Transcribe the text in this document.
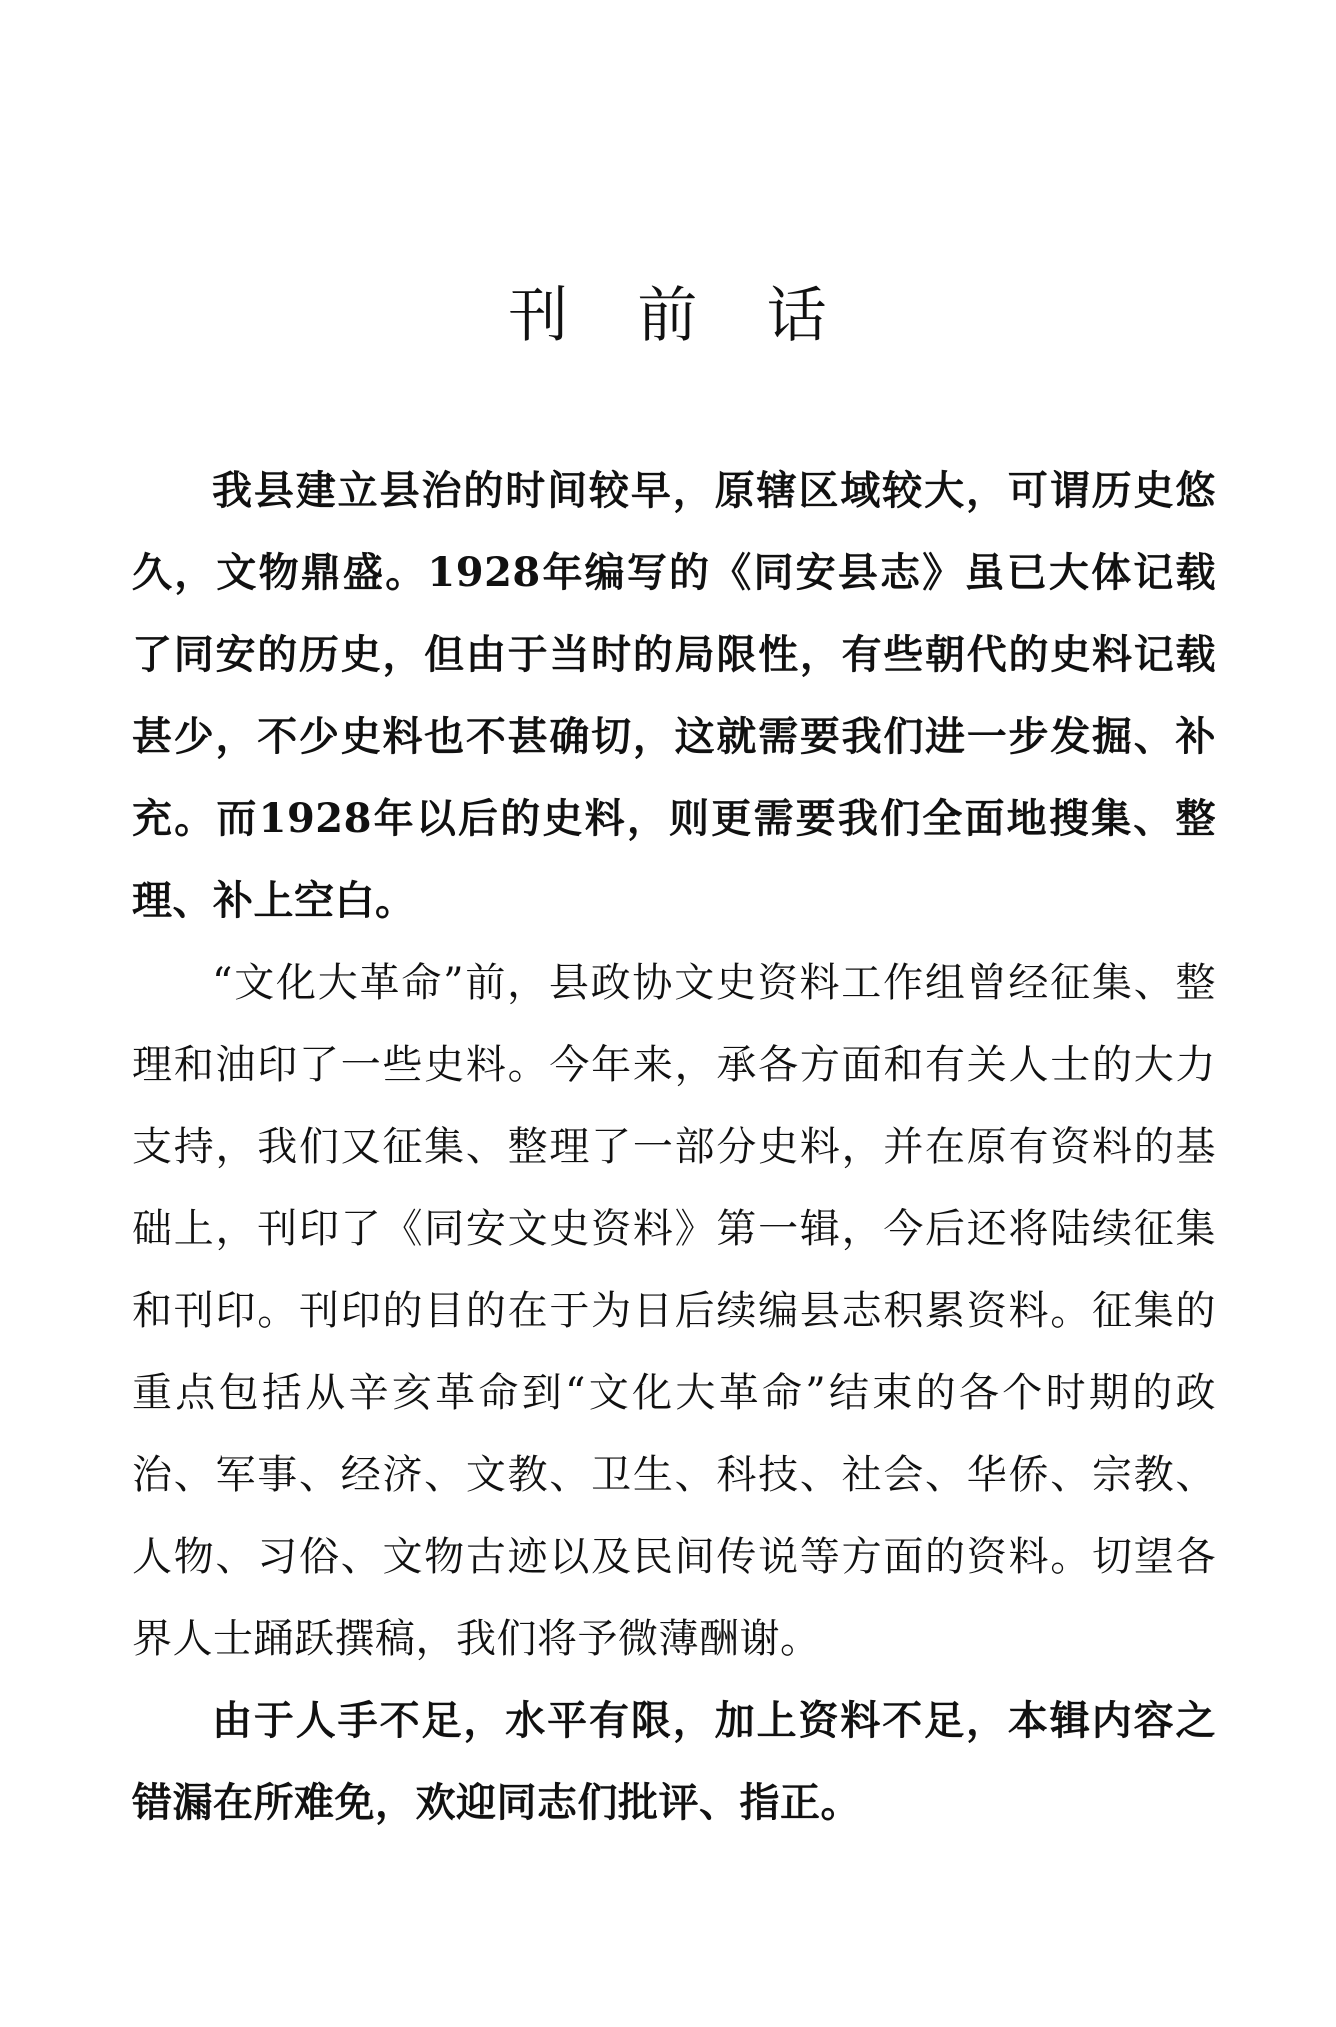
刊 前 话

我县建立县治的时间较早，原辖区域较大，可谓历史悠久，文物鼎盛。1928年编写的《同安县志》虽已大体记载了同安的历史，但由于当时的局限性，有些朝代的史料记载甚少，不少史料也不甚确切，这就需要我们进一步发掘、补充。而1928年以后的史料，则更需要我们全面地搜集、整理、补上空白。

“文化大革命”前，县政协文史资料工作组曾经征集、整理和油印了一些史料。今年来，承各方面和有关人士的大力支持，我们又征集、整理了一部分史料，并在原有资料的基础上，刊印了《同安文史资料》第一辑，今后还将陆续征集和刊印。刊印的目的在于为日后续编县志积累资料。征集的重点包括从辛亥革命到“文化大革命”结束的各个时期的政治、军事、经济、文教、卫生、科技、社会、华侨、宗教、人物、习俗、文物古迹以及民间传说等方面的资料。切望各界人士踊跃撰稿，我们将予微薄酬谢。

由于人手不足，水平有限，加上资料不足，本辑内容之错漏在所难免，欢迎同志们批评、指正。
